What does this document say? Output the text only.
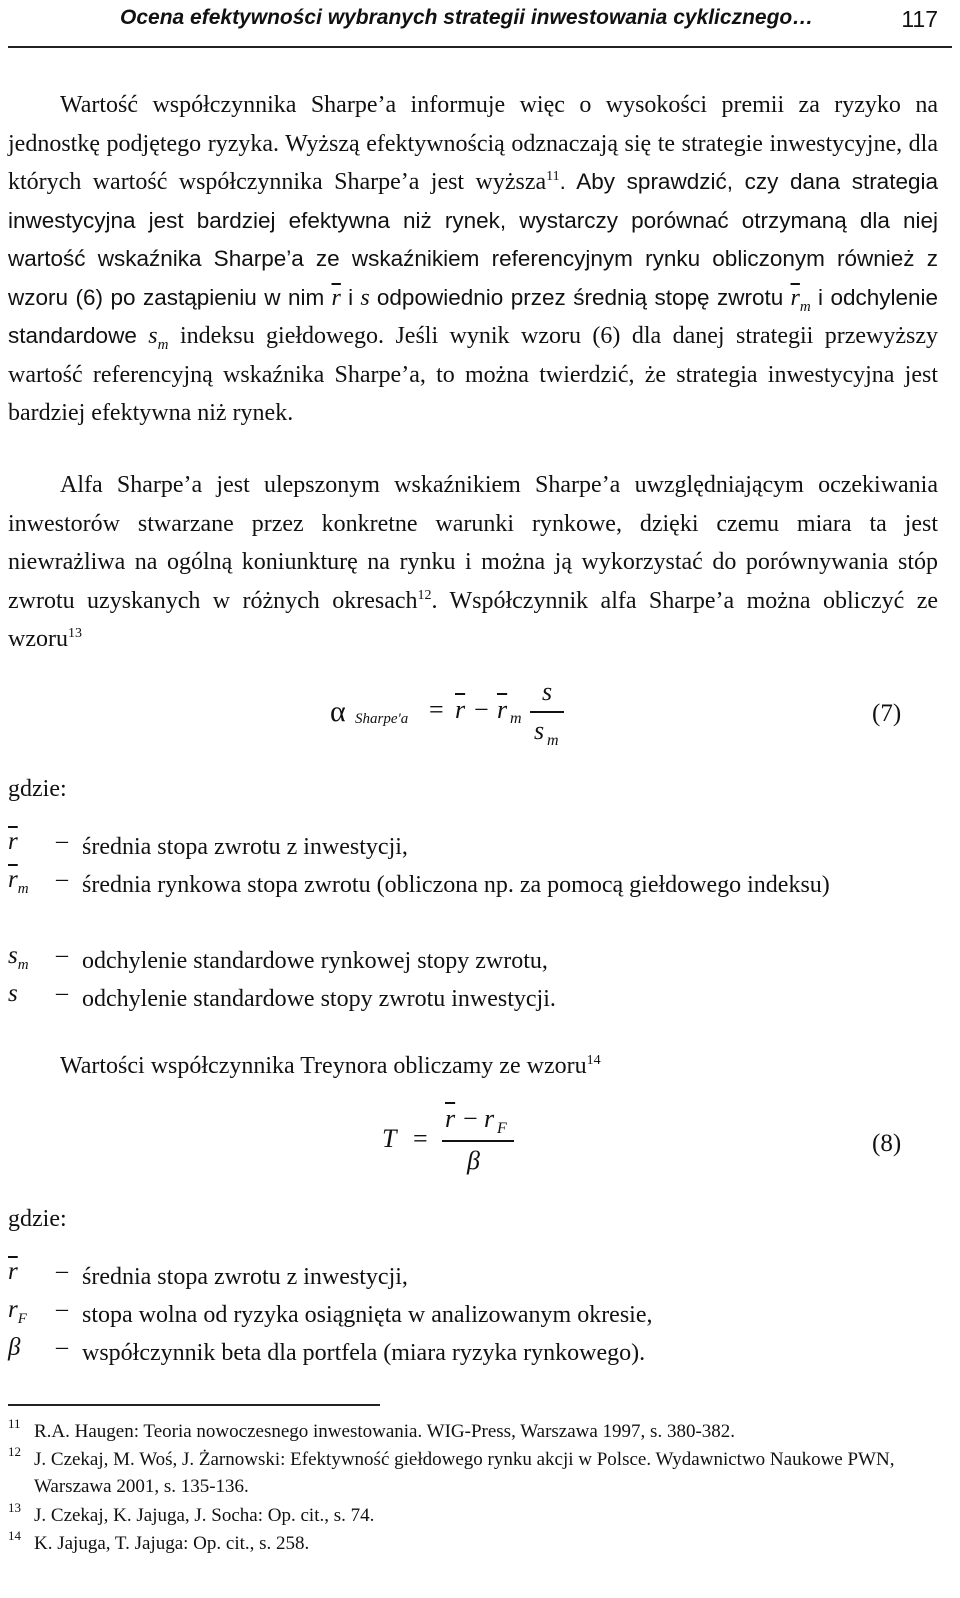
Ocena efektywności wybranych strategii inwestowania cyklicznego…	117
Wartość współczynnika Sharpe’a informuje więc o wysokości premii za ryzyko na jednostkę podjętego ryzyka. Wyższą efektywnością odznaczają się te strategie inwestycyjne, dla których wartość współczynnika Sharpe’a jest wyższa$^{11}$. Aby sprawdzić, czy dana strategia inwestycyjna jest bardziej efektywna niż rynek, wystarczy porównać otrzymaną dla niej wartość wskaźnika Sharpe’a ze wskaźnikiem referencyjnym rynku obliczonym również z wzoru (6) po zastąpieniu w nim $\overline{r}$ i s odpowiednio przez średnią stopę zwrotu $\overline{r}_m$ i odchylenie standardowe $s_m$ indeksu giełdowego. Jeśli wynik wzoru (6) dla danej strategii przewyższy wartość referencyjną wskaźnika Sharpe’a, to można twierdzić, że strategia inwestycyjna jest bardziej efektywna niż rynek.
Alfa Sharpe’a jest ulepszonym wskaźnikiem Sharpe’a uwzględniającym oczekiwania inwestorów stwarzane przez konkretne warunki rynkowe, dzięki czemu miara ta jest niewrażliwa na ogólną koniunkturę na rynku i można ją wykorzystać do porównywania stóp zwrotu uzyskanych w różnych okresach$^{12}$. Współczynnik alfa Sharpe’a można obliczyć ze wzoru$^{13}$
α Sharpe'a = $\overline{r} - \overline{r}$ m
s
s m
(7)
gdzie:
$\overline{r}$ – średnia stopa zwrotu z inwestycji,
$\overline{r}_m$ – średnia rynkowa stopa zwrotu (obliczona np. za pomocą giełdowego indeksu)
$s_m$ – odchylenie standardowe rynkowej stopy zwrotu,
s – odchylenie standardowe stopy zwrotu inwestycji.
Wartości współczynnika Treynora obliczamy ze wzoru$^{14}$
T =
$\overline{r} - r$ F
β
(8)
gdzie:
$\overline{r}$ – średnia stopa zwrotu z inwestycji,
$r_F$ – stopa wolna od ryzyka osiągnięta w analizowanym okresie,
β – współczynnik beta dla portfela (miara ryzyka rynkowego).
11 R.A. Haugen: Teoria nowoczesnego inwestowania. WIG-Press, Warszawa 1997, s. 380-382.
12 J. Czekaj, M. Woś, J. Żarnowski: Efektywność giełdowego rynku akcji w Polsce. Wydawnictwo Naukowe PWN, Warszawa 2001, s. 135-136.
13 J. Czekaj, K. Jajuga, J. Socha: Op. cit., s. 74.
14 K. Jajuga, T. Jajuga: Op. cit., s. 258.
